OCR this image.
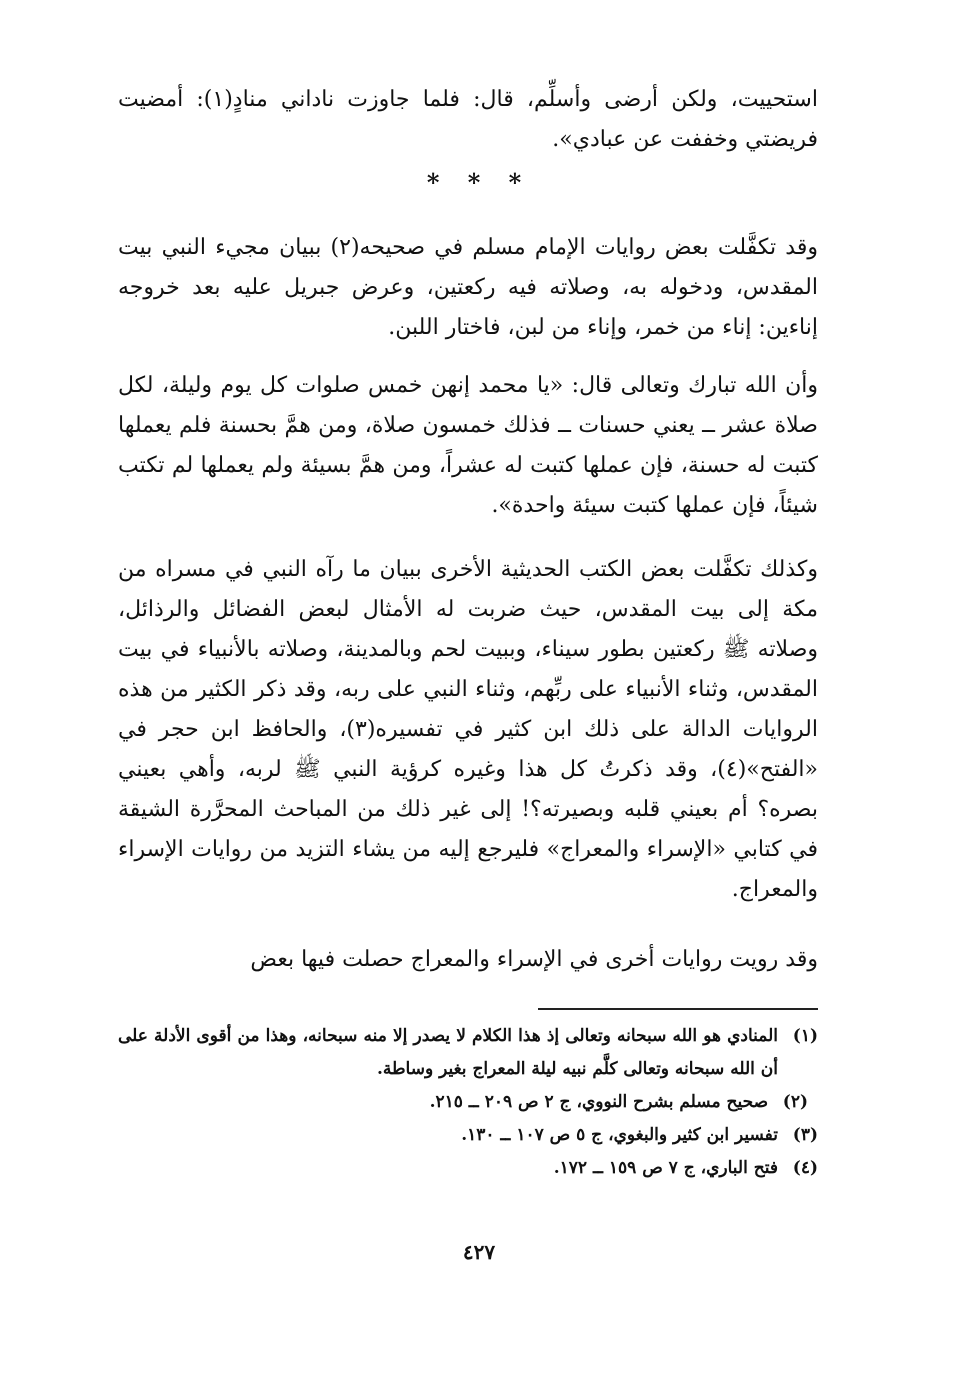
استحييت، ولكن أرضى وأسلِّم، قال: فلما جاوزت ناداني منادٍ(١): أمضيت فريضتي وخففت عن عبادي».

* * *

وقد تكفَّلت بعض روايات الإمام مسلم في صحيحه(٢) ببيان مجيء النبي بيت المقدس، ودخوله به، وصلاته فيه ركعتين، وعرض جبريل عليه بعد خروجه إناءين: إناء من خمر، وإناء من لبن، فاختار اللبن.

وأن الله تبارك وتعالى قال: «يا محمد إنهن خمس صلوات كل يوم وليلة، لكل صلاة عشر ــ يعني حسنات ــ فذلك خمسون صلاة، ومن همَّ بحسنة فلم يعملها كتبت له حسنة، فإن عملها كتبت له عشراً، ومن همَّ بسيئة ولم يعملها لم تكتب شيئاً، فإن عملها كتبت سيئة واحدة».

وكذلك تكفَّلت بعض الكتب الحديثية الأخرى ببيان ما رآه النبي في مسراه من مكة إلى بيت المقدس، حيث ضربت له الأمثال لبعض الفضائل والرذائل، وصلاته ﷺ ركعتين بطور سيناء، وببيت لحم وبالمدينة، وصلاته بالأنبياء في بيت المقدس، وثناء الأنبياء على ربِّهم، وثناء النبي على ربه، وقد ذكر الكثير من هذه الروايات الدالة على ذلك ابن كثير في تفسيره(٣)، والحافظ ابن حجر في «الفتح»(٤)، وقد ذكرتُ كل هذا وغيره كرؤية النبي ﷺ لربه، وأهي بعيني بصره؟ أم بعيني قلبه وبصيرته؟! إلى غير ذلك من المباحث المحرَّرة الشيقة في كتابي «الإسراء والمعراج» فليرجع إليه من يشاء التزيد من روايات الإسراء والمعراج.

وقد رويت روايات أخرى في الإسراء والمعراج حصلت فيها بعض

(١)
المنادي هو الله سبحانه وتعالى إذ هذا الكلام لا يصدر إلا منه سبحانه، وهذا من أقوى الأدلة على أن الله سبحانه وتعالى كلَّم نبيه ليلة المعراج بغير وساطة.
(٢)
صحيح مسلم بشرح النووي، ج ٢ ص ٢٠٩ ــ ٢١٥.
(٣)
تفسير ابن كثير والبغوي، ج ٥ ص ١٠٧ ــ ١٣٠.
(٤)
فتح الباري، ج ٧ ص ١٥٩ ــ ١٧٢.
٤٢٧
